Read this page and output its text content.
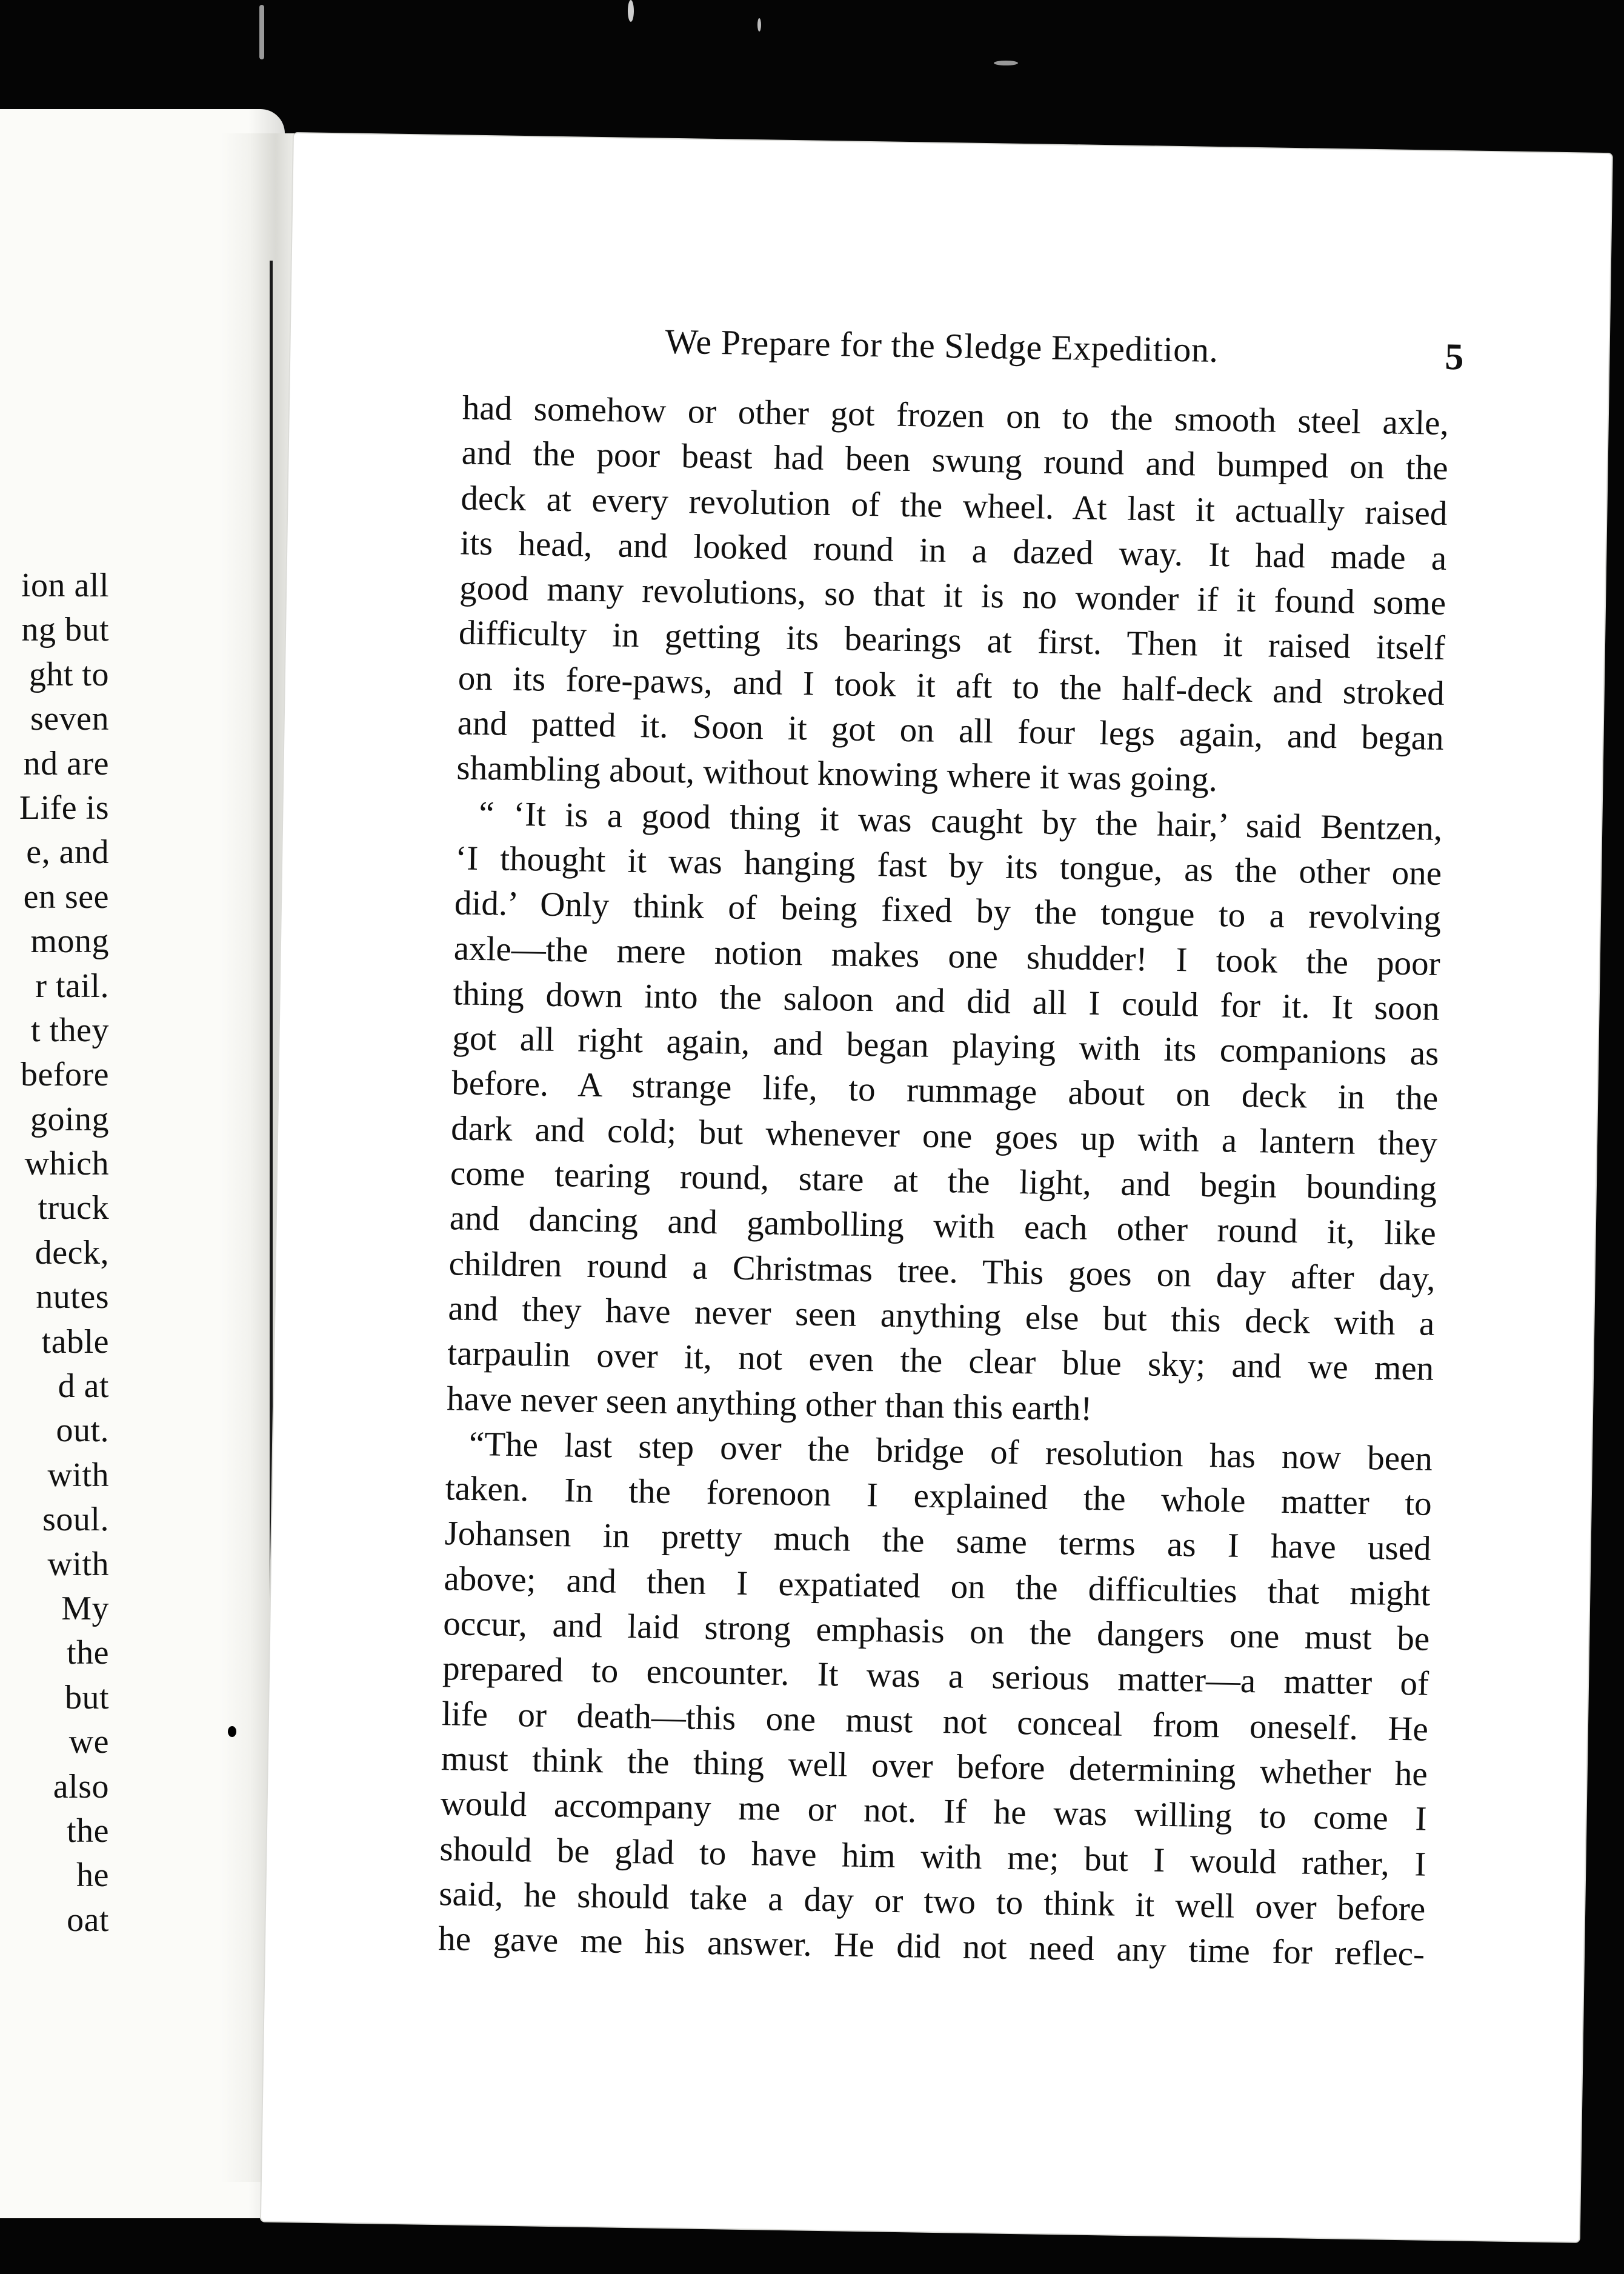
ion all
ng but
ght to
seven
nd are
Life is
e, and
en see
mong
r tail.
t they
before
going
which
truck
deck,
nutes
table
d at
out.
with
soul.
with
My
the
but
we
also
the
he
oat
We Prepare for the Sledge Expedition.	5
had somehow or other got frozen on to the smooth steel axle,
and the poor beast had been swung round and bumped on the
deck at every revolution of the wheel. At last it actually raised
its head, and looked round in a dazed way. It had made a
good many revolutions, so that it is no wonder if it found some
difficulty in getting its bearings at first. Then it raised itself
on its fore-paws, and I took it aft to the half-deck and stroked
and patted it. Soon it got on all four legs again, and began
shambling about, without knowing where it was going.
“ ‘It is a good thing it was caught by the hair,’ said Bentzen,
‘I thought it was hanging fast by its tongue, as the other one
did.’ Only think of being fixed by the tongue to a revolving
axle—the mere notion makes one shudder! I took the poor
thing down into the saloon and did all I could for it. It soon
got all right again, and began playing with its companions as
before. A strange life, to rummage about on deck in the
dark and cold; but whenever one goes up with a lantern they
come tearing round, stare at the light, and begin bounding
and dancing and gambolling with each other round it, like
children round a Christmas tree. This goes on day after day,
and they have never seen anything else but this deck with a
tarpaulin over it, not even the clear blue sky; and we men
have never seen anything other than this earth!
“The last step over the bridge of resolution has now been
taken. In the forenoon I explained the whole matter to
Johansen in pretty much the same terms as I have used
above; and then I expatiated on the difficulties that might
occur, and laid strong emphasis on the dangers one must be
prepared to encounter. It was a serious matter—a matter of
life or death—this one must not conceal from oneself. He
must think the thing well over before determining whether he
would accompany me or not. If he was willing to come I
should be glad to have him with me; but I would rather, I
said, he should take a day or two to think it well over before
he gave me his answer. He did not need any time for reflec-
